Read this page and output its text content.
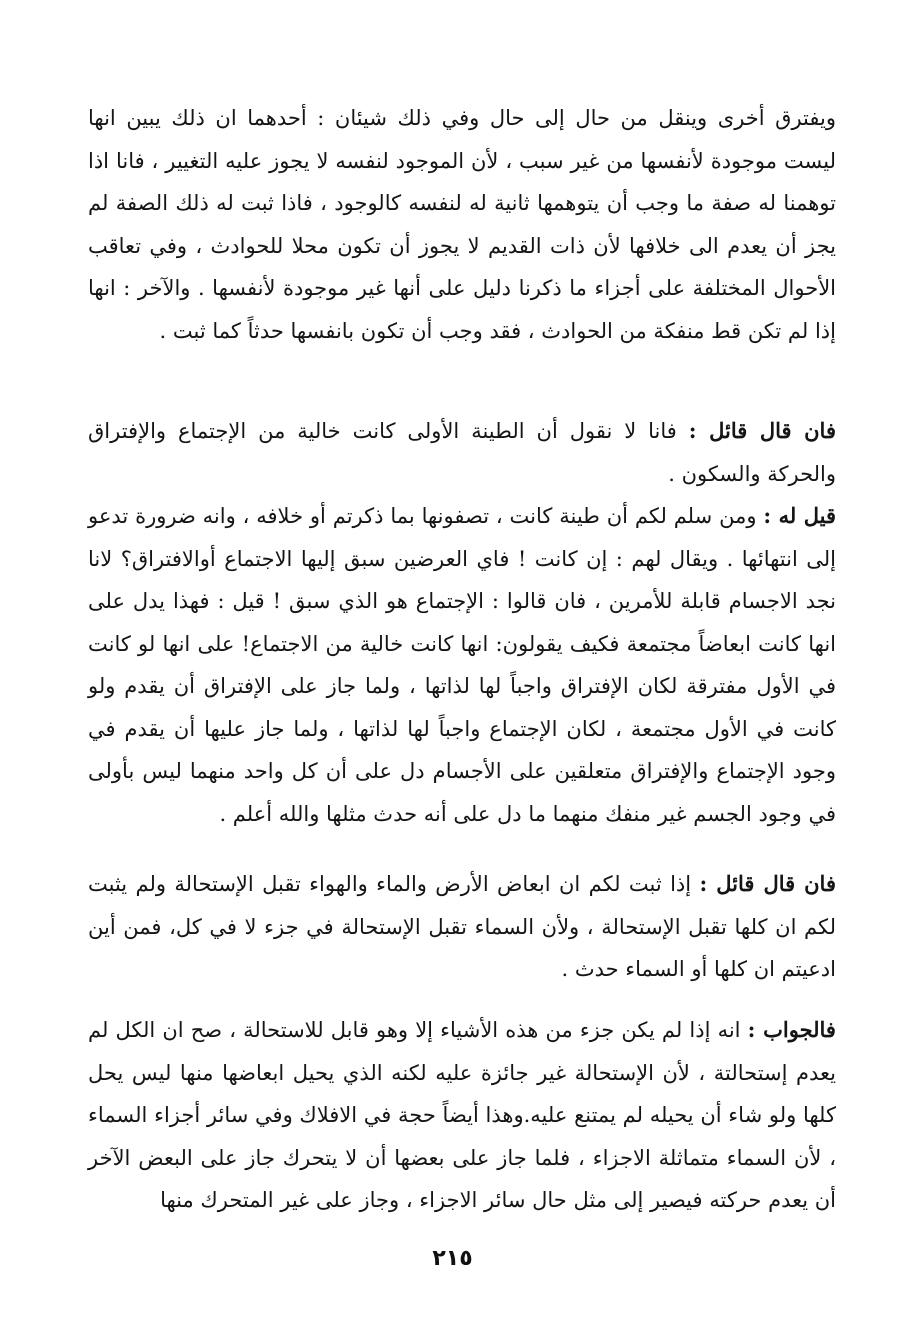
ويفترق أخرى وينقل من حال إلى حال وفي ذلك شيئان : أحدهما ان ذلك يبين انها ليست موجودة لأنفسها من غير سبب ، لأن الموجود لنفسه لا يجوز عليه التغيير ، فانا اذا توهمنا له صفة ما وجب أن يتوهمها ثانية له لنفسه كالوجود ، فاذا ثبت له ذلك الصفة لم يجز أن يعدم الى خلافها لأن ذات القديم لا يجوز أن تكون محلا للحوادث ، وفي تعاقب الأحوال المختلفة على أجزاء ما ذكرنا دليل على أنها غير موجودة لأنفسها . والآخر : انها إذا لم تكن قط منفكة من الحوادث ، فقد وجب أن تكون بانفسها حدثاً كما ثبت .

فان قال قائل : فانا لا نقول أن الطينة الأولى كانت خالية من الإجتماع والإفتراق والحركة والسكون .

قيل له : ومن سلم لكم أن طينة كانت ، تصفونها بما ذكرتم أو خلافه ، وانه ضرورة تدعو إلى انتهائها . ويقال لهم : إن كانت ! فاي العرضين سبق إليها الاجتماع أوالافتراق؟ لانا نجد الاجسام قابلة للأمرين ، فان قالوا : الإجتماع هو الذي سبق ! قيل : فهذا يدل على انها كانت ابعاضاً مجتمعة فكيف يقولون: انها كانت خالية من الاجتماع! على انها لو كانت في الأول مفترقة لكان الإفتراق واجباً لها لذاتها ، ولما جاز على الإفتراق أن يقدم ولو كانت في الأول مجتمعة ، لكان الإجتماع واجباً لها لذاتها ، ولما جاز عليها أن يقدم في وجود الإجتماع والإفتراق متعلقين على الأجسام دل على أن كل واحد منهما ليس بأولى في وجود الجسم غير منفك منهما ما دل على أنه حدث مثلها والله أعلم .

فان قال قائل : إذا ثبت لكم ان ابعاض الأرض والماء والهواء تقبل الإستحالة ولم يثبت لكم ان كلها تقبل الإستحالة ، ولأن السماء تقبل الإستحالة في جزء لا في كل، فمن أين ادعيتم ان كلها أو السماء حدث .

فالجواب : انه إذا لم يكن جزء من هذه الأشياء إلا وهو قابل للاستحالة ، صح ان الكل لم يعدم إستحالتة ، لأن الإستحالة غير جائزة عليه لكنه الذي يحيل ابعاضها منها ليس يحل كلها ولو شاء أن يحيله لم يمتنع عليه.وهذا أيضاً حجة في الافلاك وفي سائر أجزاء السماء ، لأن السماء متماثلة الاجزاء ، فلما جاز على بعضها أن لا يتحرك جاز على البعض الآخر أن يعدم حركته فيصير إلى مثل حال سائر الاجزاء ، وجاز على غير المتحرك منها

٢١٥
